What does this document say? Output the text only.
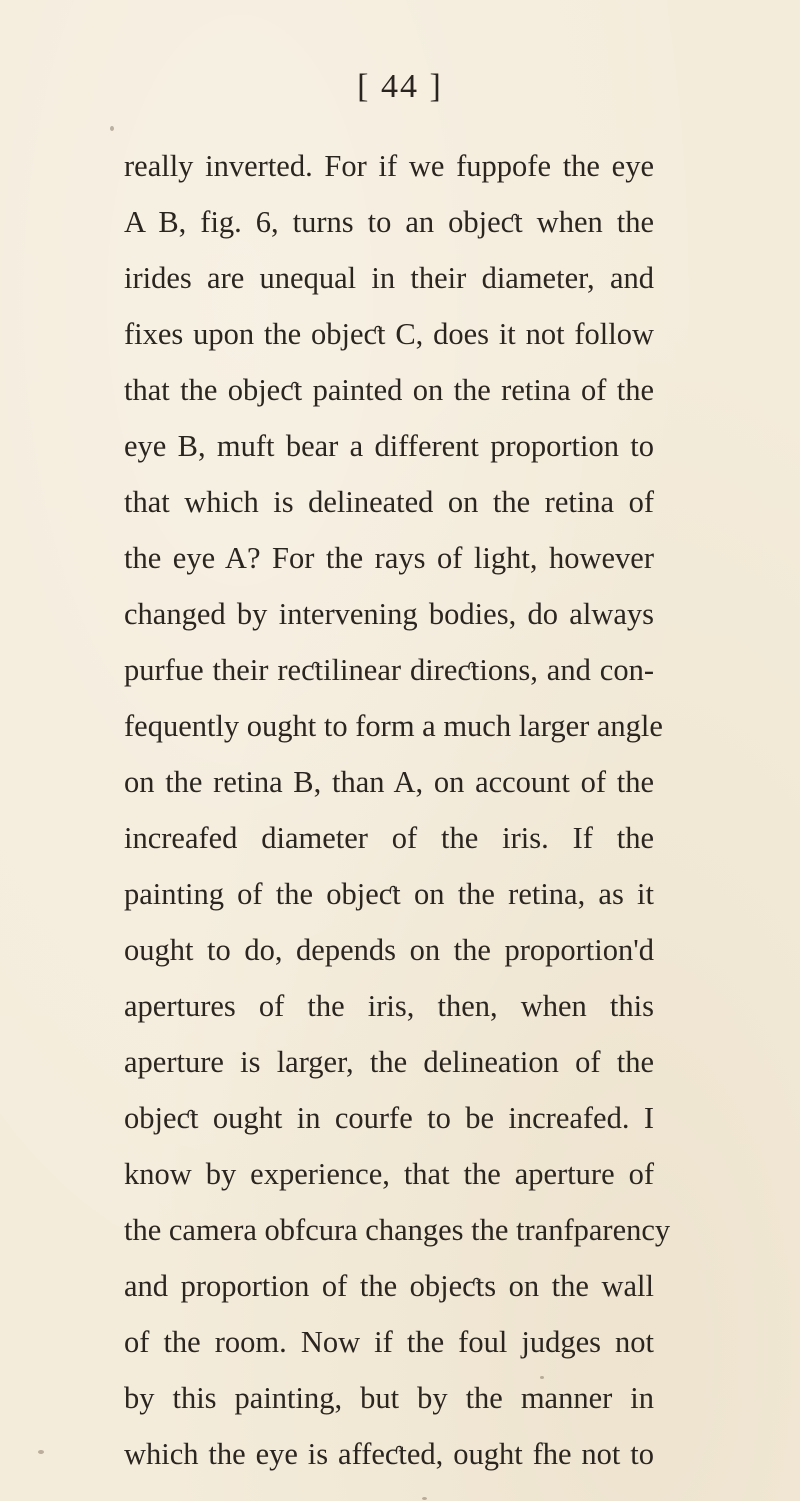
[ 44 ]
really inverted. For if we fuppofe the eye
A B, fig. 6, turns to an objeƈt when the
irides are unequal in their diameter, and
fixes upon the objeƈt C, does it not follow
that the objeƈt painted on the retina of the
eye B, muft bear a different proportion to
that which is delineated on the retina of
the eye A? For the rays of light, however
changed by intervening bodies, do always
purfue their reƈtilinear direƈtions, and con-
fequently ought to form a much larger angle
on the retina B, than A, on account of the
increafed diameter of the iris. If the
painting of the objeƈt on the retina, as it
ought to do, depends on the proportion'd
apertures of the iris, then, when this
aperture is larger, the delineation of the
objeƈt ought in courfe to be increafed. I
know by experience, that the aperture of
the camera obfcura changes the tranfparency
and proportion of the objeƈts on the wall
of the room. Now if the foul judges not
by this painting, but by the manner in
which the eye is affeƈted, ought fhe not to
